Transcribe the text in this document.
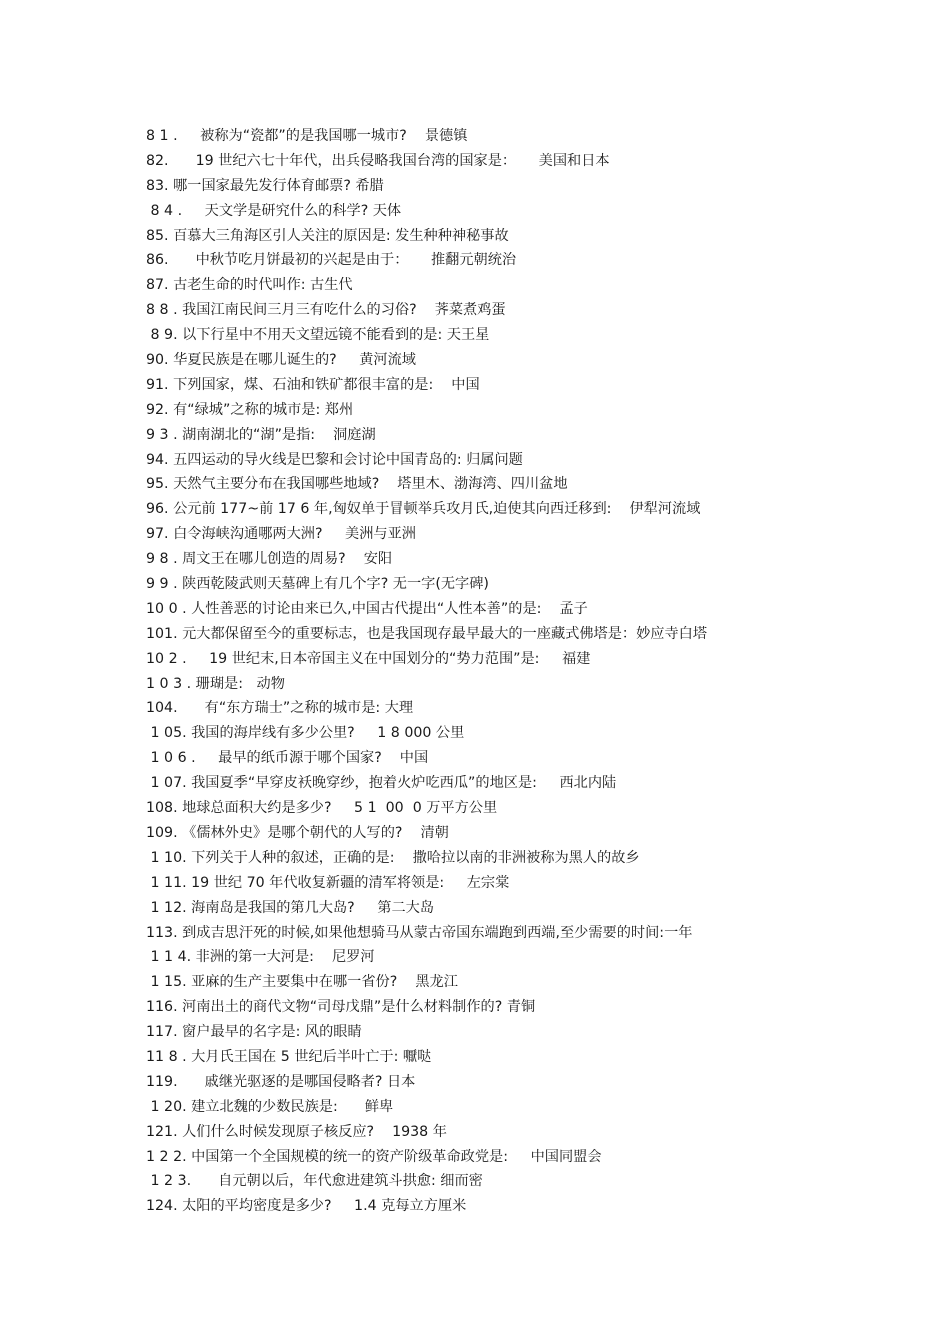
8 1 .     被称为“瓷都”的是我国哪一城市?    景德镇
82.      19 世纪六七十年代，出兵侵略我国台湾的国家是：     美国和日本
83. 哪一国家最先发行体育邮票? 希腊
8 4 .     天文学是研究什么的科学? 天体
85. 百慕大三角海区引人关注的原因是: 发生种种神秘事故
86.      中秋节吃月饼最初的兴起是由于：     推翻元朝统治
87. 古老生命的时代叫作: 古生代
8 8 . 我国江南民间三月三有吃什么的习俗?    荠菜煮鸡蛋
8 9. 以下行星中不用天文望远镜不能看到的是: 天王星
90. 华夏民族是在哪儿诞生的?     黄河流域
91. 下列国家，煤、石油和铁矿都很丰富的是:    中国
92. 有“绿城”之称的城市是: 郑州
9 3 . 湖南湖北的“湖”是指:    洞庭湖
94. 五四运动的导火线是巴黎和会讨论中国青岛的: 归属问题
95. 天然气主要分布在我国哪些地域?    塔里木、渤海湾、四川盆地
96. 公元前 177~前 17 6 年,匈奴单于冒顿举兵攻月氏,迫使其向西迁移到:    伊犁河流域
97. 白令海峡沟通哪两大洲?     美洲与亚洲
9 8 . 周文王在哪儿创造的周易?    安阳
9 9 . 陕西乾陵武则天墓碑上有几个字? 无一字(无字碑)
10 0 . 人性善恶的讨论由来已久,中国古代提出“人性本善”的是:    孟子
101. 元大都保留至今的重要标志，也是我国现存最早最大的一座藏式佛塔是：妙应寺白塔
10 2 .     19 世纪末,日本帝国主义在中国划分的“势力范围”是:     福建
1 0 3 . 珊瑚是:   动物
104.      有“东方瑞士”之称的城市是: 大理
1 05. 我国的海岸线有多少公里?     1 8 000 公里
1 0 6 .     最早的纸币源于哪个国家?    中国
1 07. 我国夏季“早穿皮袄晚穿纱，抱着火炉吃西瓜”的地区是:     西北内陆
108. 地球总面积大约是多少?     5 1  00  0 万平方公里
109. 《儒林外史》是哪个朝代的人写的?    清朝
1 10. 下列关于人种的叙述，正确的是:    撒哈拉以南的非洲被称为黑人的故乡
1 11. 19 世纪 70 年代收复新疆的清军将领是:     左宗棠
1 12. 海南岛是我国的第几大岛?     第二大岛
113. 到成吉思汗死的时候,如果他想骑马从蒙古帝国东端跑到西端,至少需要的时间:一年
1 1 4. 非洲的第一大河是:    尼罗河
1 15. 亚麻的生产主要集中在哪一省份?    黑龙江
116. 河南出土的商代文物“司母戊鼎”是什么材料制作的? 青铜
117. 窗户最早的名字是: 风的眼睛
11 8 . 大月氏王国在 5 世纪后半叶亡于: 嚈哒
119.      戚继光驱逐的是哪国侵略者? 日本
1 20. 建立北魏的少数民族是:      鲜卑
121. 人们什么时候发现原子核反应?    1938 年
1 2 2. 中国第一个全国规模的统一的资产阶级革命政党是:     中国同盟会
1 2 3.      自元朝以后，年代愈进建筑斗拱愈: 细而密
124. 太阳的平均密度是多少?     1.4 克每立方厘米
